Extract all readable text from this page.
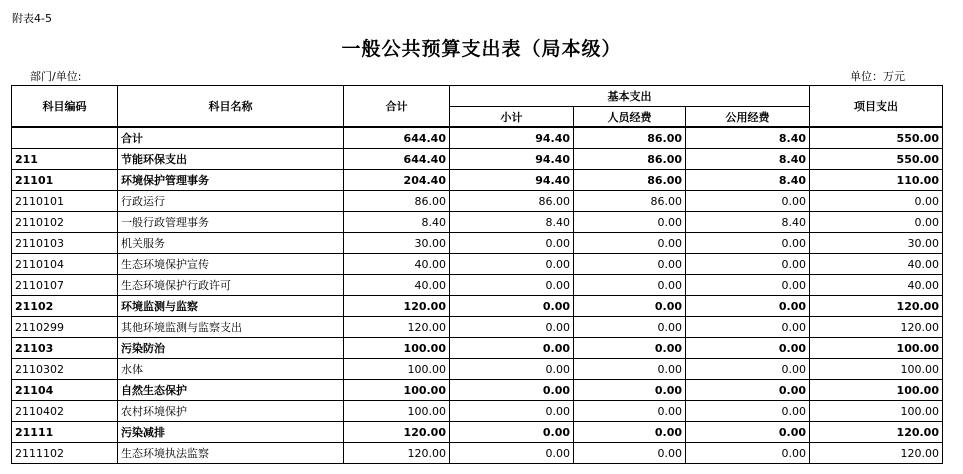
附表4-5
一般公共预算支出表（局本级）
部门/单位:	单位：万元
科目编码	科目名称	合计	基本支出			项目支出
			小计	人员经费	公用经费	
	合计	644.40	94.40	86.00	8.40	550.00
211	节能环保支出	644.40	94.40	86.00	8.40	550.00
21101	环境保护管理事务	204.40	94.40	86.00	8.40	110.00
2110101	行政运行	86.00	86.00	86.00	0.00	0.00
2110102	一般行政管理事务	8.40	8.40	0.00	8.40	0.00
2110103	机关服务	30.00	0.00	0.00	0.00	30.00
2110104	生态环境保护宣传	40.00	0.00	0.00	0.00	40.00
2110107	生态环境保护行政许可	40.00	0.00	0.00	0.00	40.00
21102	环境监测与监察	120.00	0.00	0.00	0.00	120.00
2110299	其他环境监测与监察支出	120.00	0.00	0.00	0.00	120.00
21103	污染防治	100.00	0.00	0.00	0.00	100.00
2110302	水体	100.00	0.00	0.00	0.00	100.00
21104	自然生态保护	100.00	0.00	0.00	0.00	100.00
2110402	农村环境保护	100.00	0.00	0.00	0.00	100.00
21111	污染减排	120.00	0.00	0.00	0.00	120.00
2111102	生态环境执法监察	120.00	0.00	0.00	0.00	120.00
